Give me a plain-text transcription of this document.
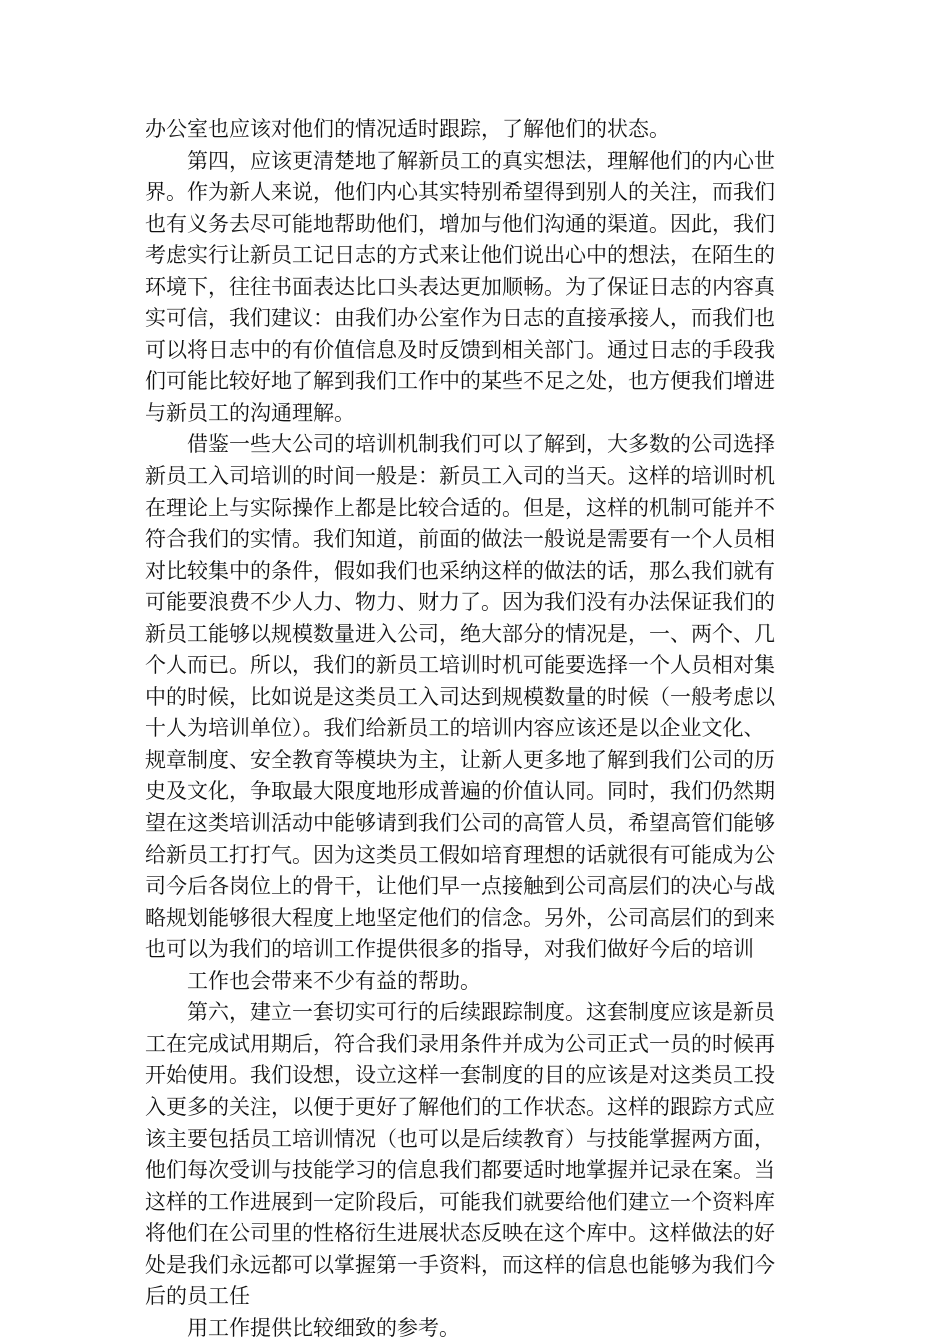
办公室也应该对他们的情况适时跟踪，了解他们的状态。
第四，应该更清楚地了解新员工的真实想法，理解他们的内心世
界。作为新人来说，他们内心其实特别希望得到别人的关注，而我们
也有义务去尽可能地帮助他们，增加与他们沟通的渠道。因此，我们
考虑实行让新员工记日志的方式来让他们说出心中的想法，在陌生的
环境下，往往书面表达比口头表达更加顺畅。为了保证日志的内容真
实可信，我们建议：由我们办公室作为日志的直接承接人，而我们也
可以将日志中的有价值信息及时反馈到相关部门。通过日志的手段我
们可能比较好地了解到我们工作中的某些不足之处，也方便我们增进
与新员工的沟通理解。
借鉴一些大公司的培训机制我们可以了解到，大多数的公司选择
新员工入司培训的时间一般是：新员工入司的当天。这样的培训时机
在理论上与实际操作上都是比较合适的。但是，这样的机制可能并不
符合我们的实情。我们知道，前面的做法一般说是需要有一个人员相
对比较集中的条件，假如我们也采纳这样的做法的话，那么我们就有
可能要浪费不少人力、物力、财力了。因为我们没有办法保证我们的
新员工能够以规模数量进入公司，绝大部分的情况是，一、两个、几
个人而已。所以，我们的新员工培训时机可能要选择一个人员相对集
中的时候，比如说是这类员工入司达到规模数量的时候（一般考虑以
十人为培训单位）。我们给新员工的培训内容应该还是以企业文化、
规章制度、安全教育等模块为主，让新人更多地了解到我们公司的历
史及文化，争取最大限度地形成普遍的价值认同。同时，我们仍然期
望在这类培训活动中能够请到我们公司的高管人员，希望高管们能够
给新员工打打气。因为这类员工假如培育理想的话就很有可能成为公
司今后各岗位上的骨干，让他们早一点接触到公司高层们的决心与战
略规划能够很大程度上地坚定他们的信念。另外，公司高层们的到来
也可以为我们的培训工作提供很多的指导，对我们做好今后的培训
工作也会带来不少有益的帮助。
第六，建立一套切实可行的后续跟踪制度。这套制度应该是新员
工在完成试用期后，符合我们录用条件并成为公司正式一员的时候再
开始使用。我们设想，设立这样一套制度的目的应该是对这类员工投
入更多的关注，以便于更好了解他们的工作状态。这样的跟踪方式应
该主要包括员工培训情况（也可以是后续教育）与技能掌握两方面，
他们每次受训与技能学习的信息我们都要适时地掌握并记录在案。当
这样的工作进展到一定阶段后，可能我们就要给他们建立一个资料库
将他们在公司里的性格衍生进展状态反映在这个库中。这样做法的好
处是我们永远都可以掌握第一手资料，而这样的信息也能够为我们今
后的员工任
用工作提供比较细致的参考。
